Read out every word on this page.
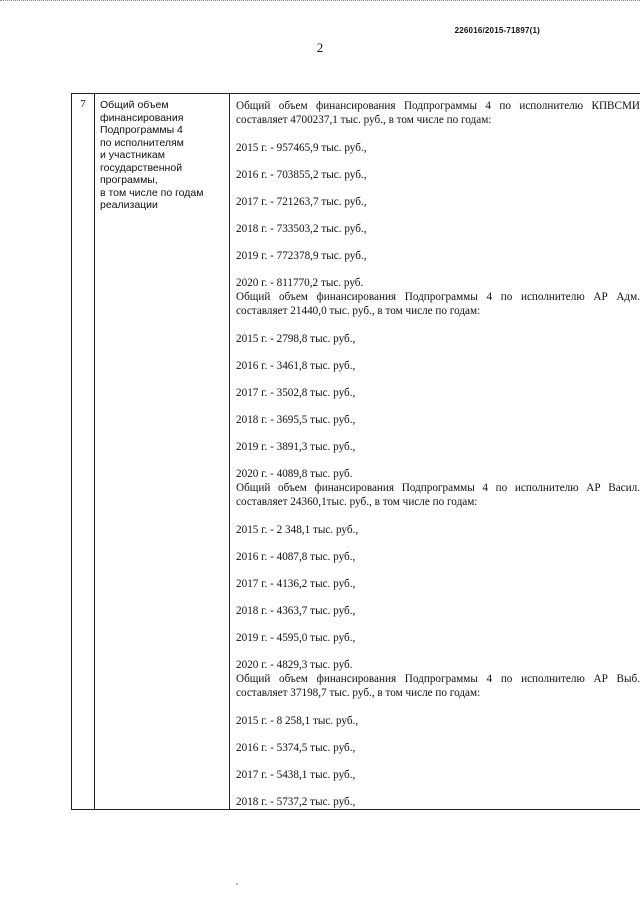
226016/2015-71897(1)
2
7	Общий объем
финансирования
Подпрограммы 4
по исполнителям
и участникам
государственной
программы,
в том числе по годам
реализации

Общий объем финансирования Подпрограммы 4 по исполнителю КПВСМИ составляет 4700237,1 тыс. руб., в том числе по годам:
2015 г. - 957465,9 тыс. руб.,
2016 г. - 703855,2 тыс. руб.,
2017 г. - 721263,7 тыс. руб.,
2018 г. - 733503,2 тыс. руб.,
2019 г. - 772378,9 тыс. руб.,
2020 г. - 811770,2 тыс. руб.
Общий объем финансирования Подпрограммы 4 по исполнителю АР Адм. составляет 21440,0 тыс. руб., в том числе по годам:
2015 г. - 2798,8 тыс. руб.,
2016 г. - 3461,8 тыс. руб.,
2017 г. - 3502,8 тыс. руб.,
2018 г. - 3695,5 тыс. руб.,
2019 г. - 3891,3 тыс. руб.,
2020 г. - 4089,8 тыс. руб.
Общий объем финансирования Подпрограммы 4 по исполнителю АР Васил. составляет 24360,1тыс. руб., в том числе по годам:
2015 г. - 2 348,1 тыс. руб.,
2016 г. - 4087,8 тыс. руб.,
2017 г. - 4136,2 тыс. руб.,
2018 г. - 4363,7 тыс. руб.,
2019 г. - 4595,0 тыс. руб.,
2020 г. - 4829,3 тыс. руб.
Общий объем финансирования Подпрограммы 4 по исполнителю АР Выб. составляет 37198,7 тыс. руб., в том числе по годам:
2015 г. - 8 258,1 тыс. руб.,
2016 г. - 5374,5 тыс. руб.,
2017 г. - 5438,1 тыс. руб.,
2018 г. - 5737,2 тыс. руб.,
